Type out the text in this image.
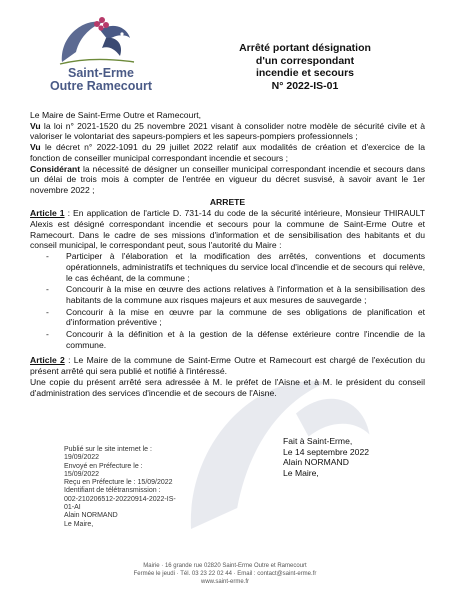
Saint-Erme
Outre Ramecourt
Arrêté portant désignation
d'un correspondant
incendie et secours
N° 2022-IS-01

Le Maire de Saint-Erme Outre et Ramecourt,

Vu la loi n° 2021-1520 du 25 novembre 2021 visant à consolider notre modèle de sécurité civile et à valoriser le volontariat des sapeurs-pompiers et les sapeurs-pompiers professionnels ;

Vu le décret n° 2022-1091 du 29 juillet 2022 relatif aux modalités de création et d'exercice de la fonction de conseiller municipal correspondant incendie et secours ;

Considérant la nécessité de désigner un conseiller municipal correspondant incendie et secours dans un délai de trois mois à compter de l'entrée en vigueur du décret susvisé, à savoir avant le 1er novembre 2022 ;

ARRETE

Article 1 : En application de l'article D. 731-14 du code de la sécurité intérieure, Monsieur THIRAULT Alexis est désigné correspondant incendie et secours pour la commune de Saint-Erme Outre et Ramecourt. Dans le cadre de ses missions d'information et de sensibilisation des habitants et du conseil municipal, le correspondant peut, sous l'autorité du Maire :

- Participer à l'élaboration et la modification des arrêtés, conventions et documents opérationnels, administratifs et techniques du service local d'incendie et de secours qui relève, le cas échéant, de la commune ;
- Concourir à la mise en œuvre des actions relatives à l'information et à la sensibilisation des habitants de la commune aux risques majeurs et aux mesures de sauvegarde ;
- Concourir à la mise en œuvre par la commune de ses obligations de planification et d'information préventive ;
- Concourir à la définition et à la gestion de la défense extérieure contre l'incendie de la commune.

Article 2 : Le Maire de la commune de Saint-Erme Outre et Ramecourt est chargé de l'exécution du présent arrêté qui sera publié et notifié à l'intéressé.

Une copie du présent arrêté sera adressée à M. le préfet de l'Aisne et à M. le président du conseil d'administration des services d'incendie et de secours de l'Aisne.

Publié sur le site internet le :
19/09/2022
Envoyé en Préfecture le :
15/09/2022
Reçu en Préfecture le : 15/09/2022
Identifiant de télétransmission :
002-210206512-20220914-2022-IS-
01-AI
Alain NORMAND
Le Maire,
Fait à Saint-Erme,
Le 14 septembre 2022
Alain NORMAND
Le Maire,
Mairie · 16 grande rue 02820 Saint-Erme Outre et Ramecourt
Fermée le jeudi · Tél. 03 23 22 02 44 · Email : contact@saint-erme.fr
www.saint-erme.fr
